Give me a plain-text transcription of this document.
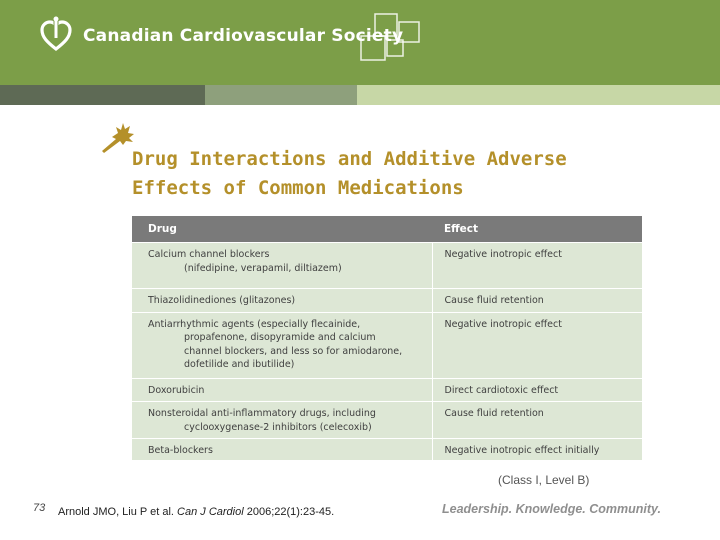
Canadian Cardiovascular Society
Drug Interactions and Additive Adverse
Effects of Common Medications
Drug	Effect
Calcium channel blockers
(nifedipine, verapamil, diltiazem)	Negative inotropic effect
Thiazolidinediones (glitazones)	Cause fluid retention
Antiarrhythmic agents (especially flecainide,
propafenone, disopyramide and calcium
channel blockers, and less so for amiodarone,
dofetilide and ibutilide)	Negative inotropic effect
Doxorubicin	Direct cardiotoxic effect
Nonsteroidal anti-inflammatory drugs, including
cyclooxygenase-2 inhibitors (celecoxib)	Cause fluid retention
Beta-blockers	Negative inotropic effect initially
(Class I, Level B)
73 Arnold JMO, Liu P et al. Can J Cardiol 2006;22(1):23-45.	Leadership. Knowledge. Community.
